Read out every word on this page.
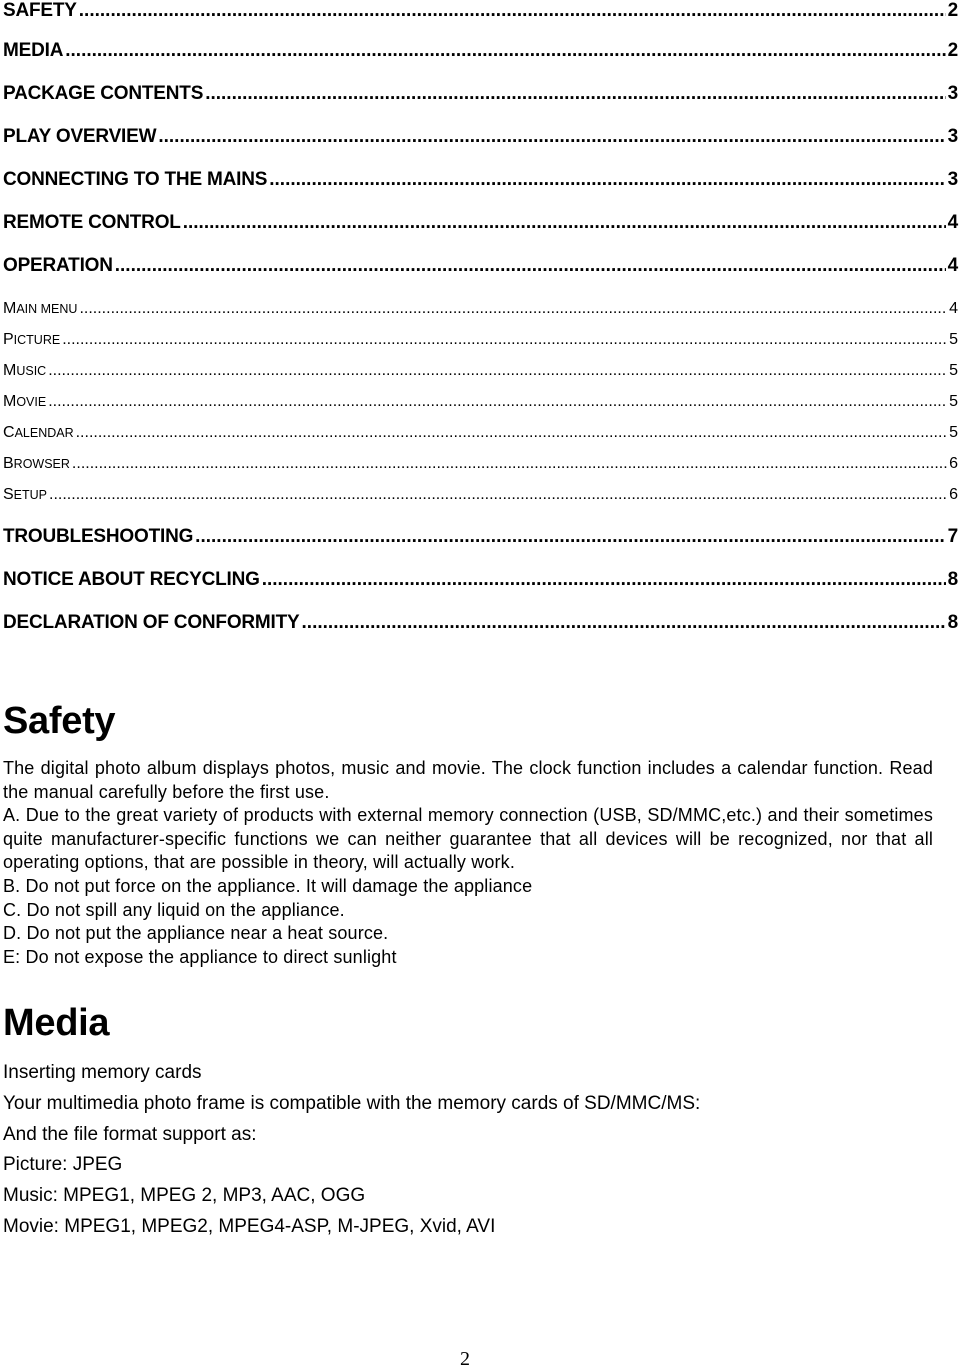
SAFETY .....	2
MEDIA .....	2
PACKAGE CONTENTS .....	3
PLAY OVERVIEW .....	3
CONNECTING TO THE MAINS .....	3
REMOTE CONTROL .....	4
OPERATION .....	4
MAIN MENU .....	4
PICTURE .....	5
MUSIC .....	5
MOVIE .....	5
CALENDAR .....	5
BROWSER .....	6
SETUP .....	6
TROUBLESHOOTING .....	7
NOTICE ABOUT RECYCLING .....	8
DECLARATION OF CONFORMITY .....	8
Safety

The digital photo album displays photos, music and movie. The clock function includes a calendar function. Read the manual carefully before the first use.

A. Due to the great variety of products with external memory connection (USB, SD/MMC,etc.) and their sometimes quite manufacturer-specific functions we can neither guarantee that all devices will be recognized, nor that all operating options, that are possible in theory, will actually work.

B. Do not put force on the appliance. It will damage the appliance

C. Do not spill any liquid on the appliance.

D. Do not put the appliance near a heat source.

E: Do not expose the appliance to direct sunlight

Media

Inserting memory cards

Your multimedia photo frame is compatible with the memory cards of SD/MMC/MS:

And the file format support as:

Picture: JPEG

Music: MPEG1, MPEG 2, MP3, AAC, OGG

Movie: MPEG1, MPEG2, MPEG4-ASP, M-JPEG, Xvid, AVI

2
